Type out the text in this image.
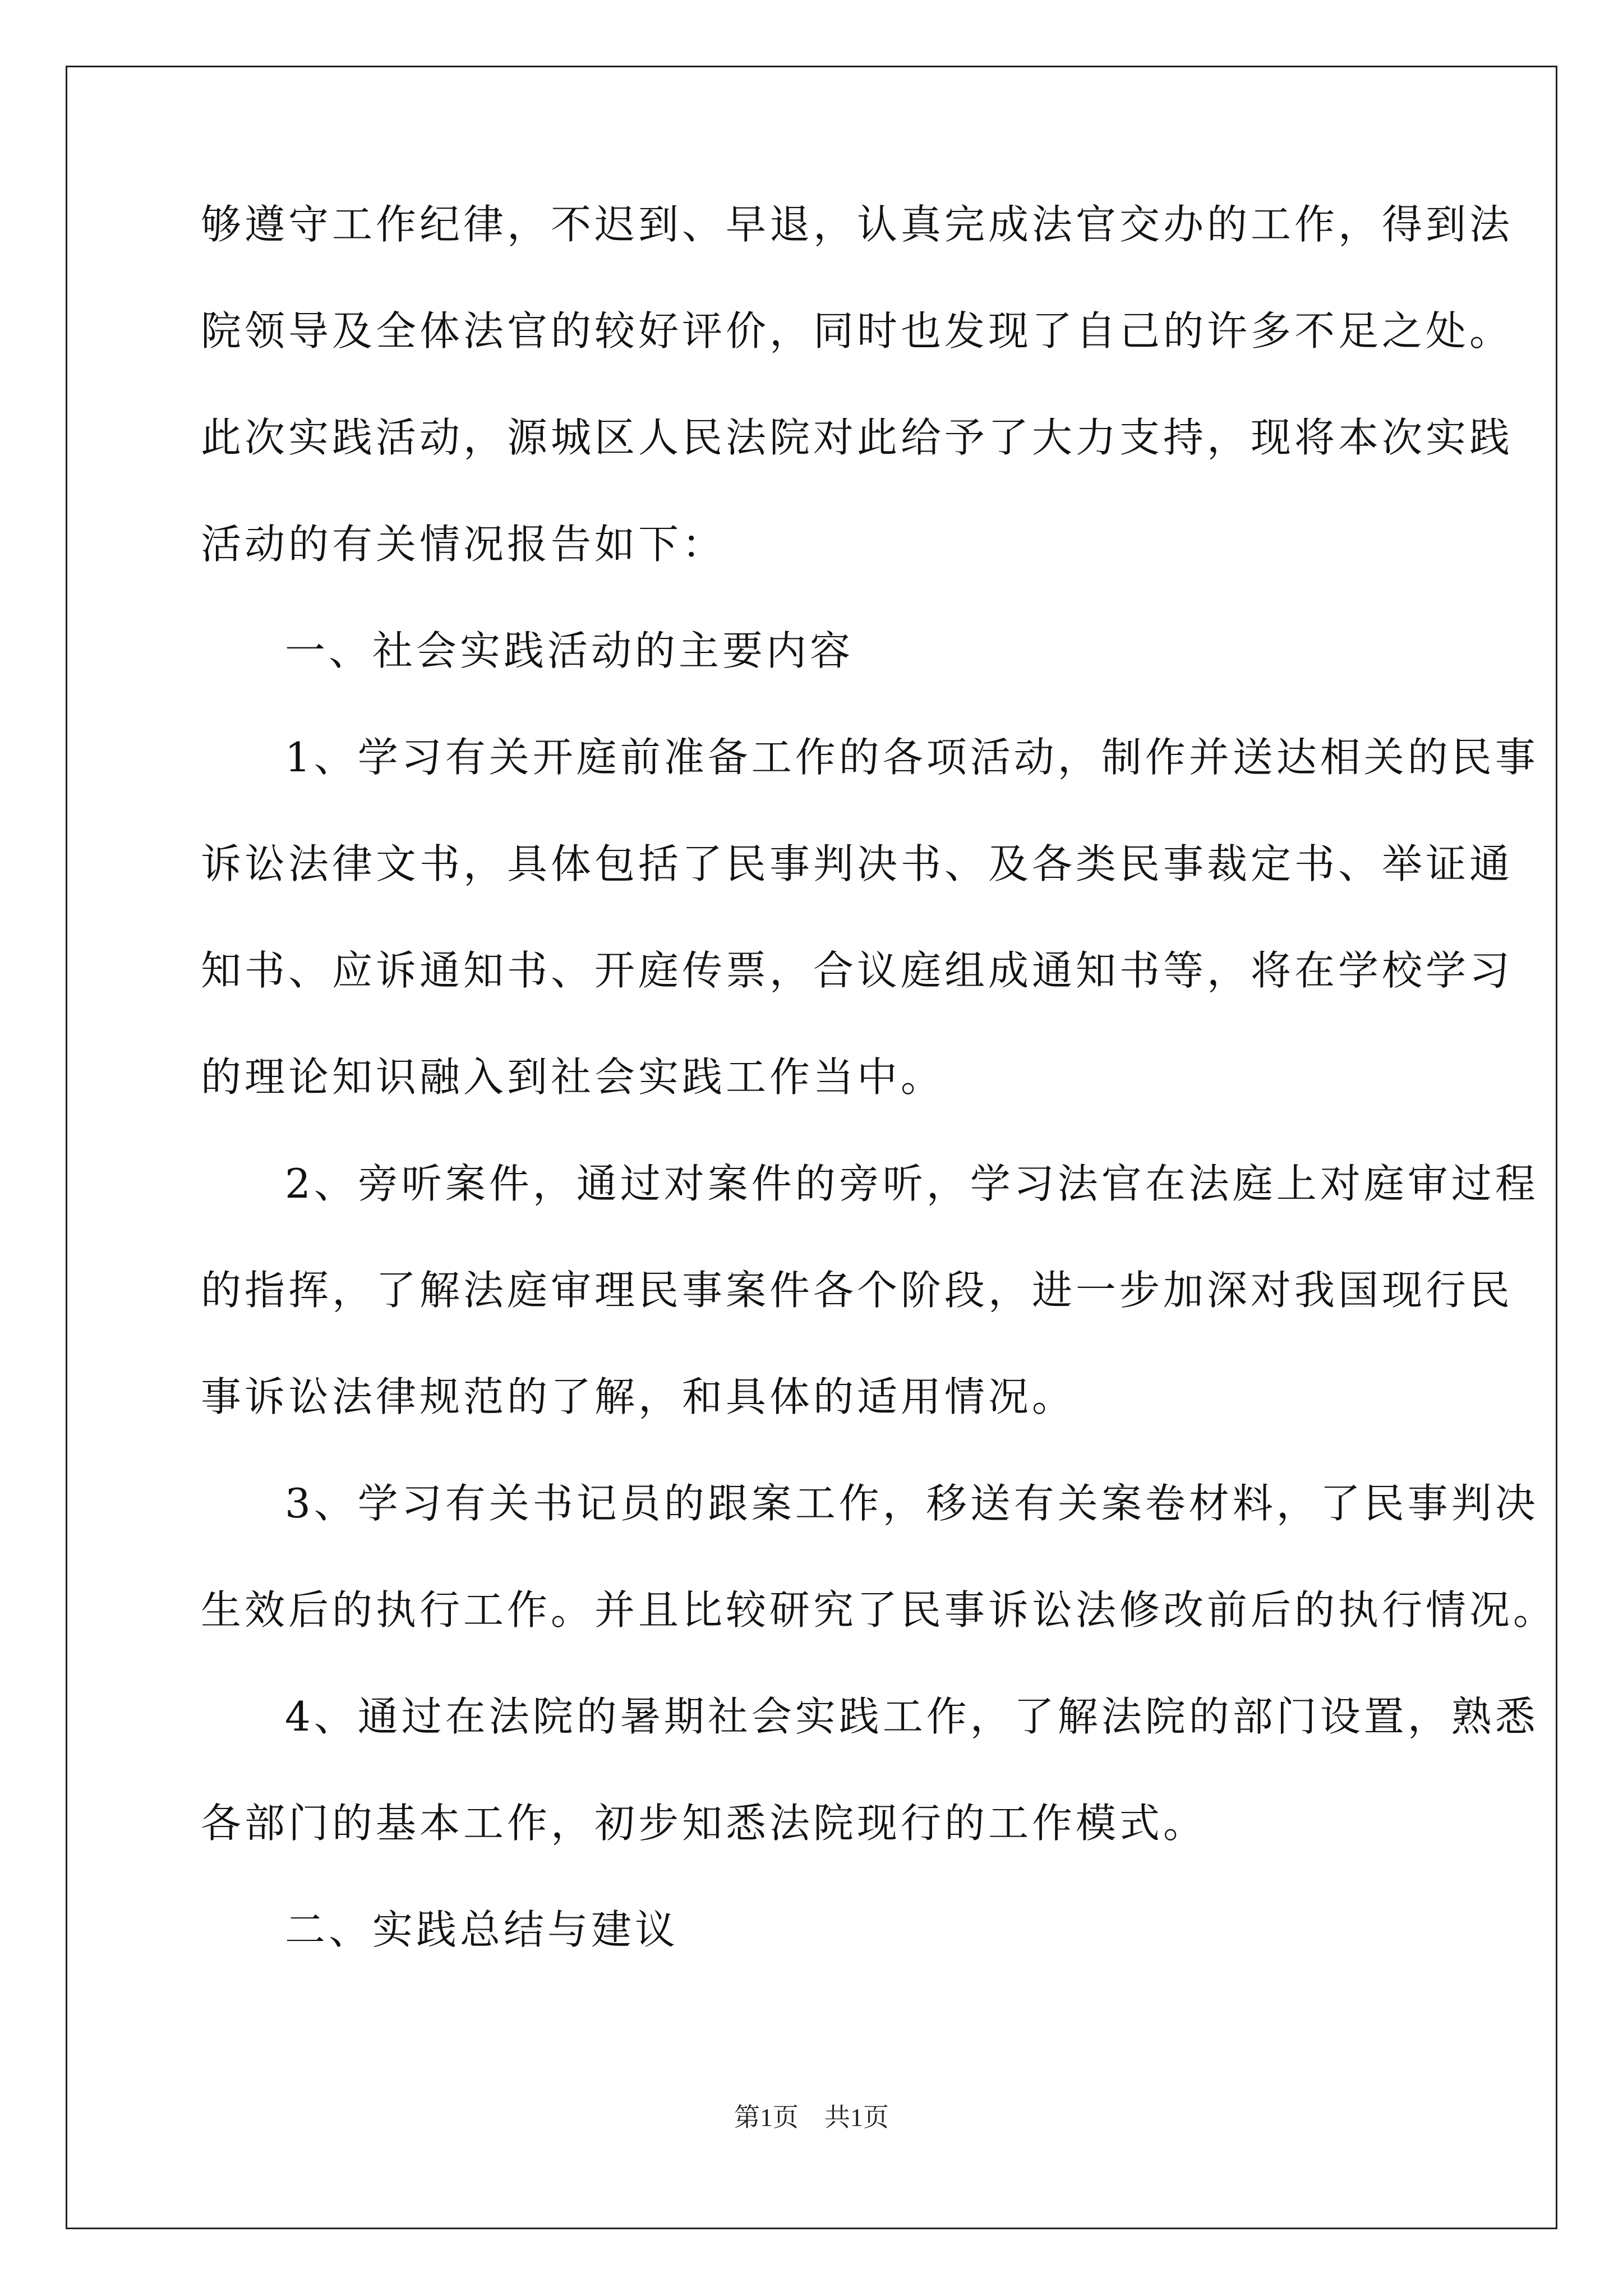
够遵守工作纪律，不迟到、早退，认真完成法官交办的工作，得到法
院领导及全体法官的较好评价，同时也发现了自己的许多不足之处。
此次实践活动，源城区人民法院对此给予了大力支持，现将本次实践
活动的有关情况报告如下：
一、社会实践活动的主要内容
1、学习有关开庭前准备工作的各项活动，制作并送达相关的民事
诉讼法律文书，具体包括了民事判决书、及各类民事裁定书、举证通
知书、应诉通知书、开庭传票，合议庭组成通知书等，将在学校学习
的理论知识融入到社会实践工作当中。
2、旁听案件，通过对案件的旁听，学习法官在法庭上对庭审过程
的指挥，了解法庭审理民事案件各个阶段，进一步加深对我国现行民
事诉讼法律规范的了解，和具体的适用情况。
3、学习有关书记员的跟案工作，移送有关案卷材料，了民事判决
生效后的执行工作。并且比较研究了民事诉讼法修改前后的执行情况。
4、通过在法院的暑期社会实践工作，了解法院的部门设置，熟悉
各部门的基本工作，初步知悉法院现行的工作模式。
二、实践总结与建议
第1页　共1页
